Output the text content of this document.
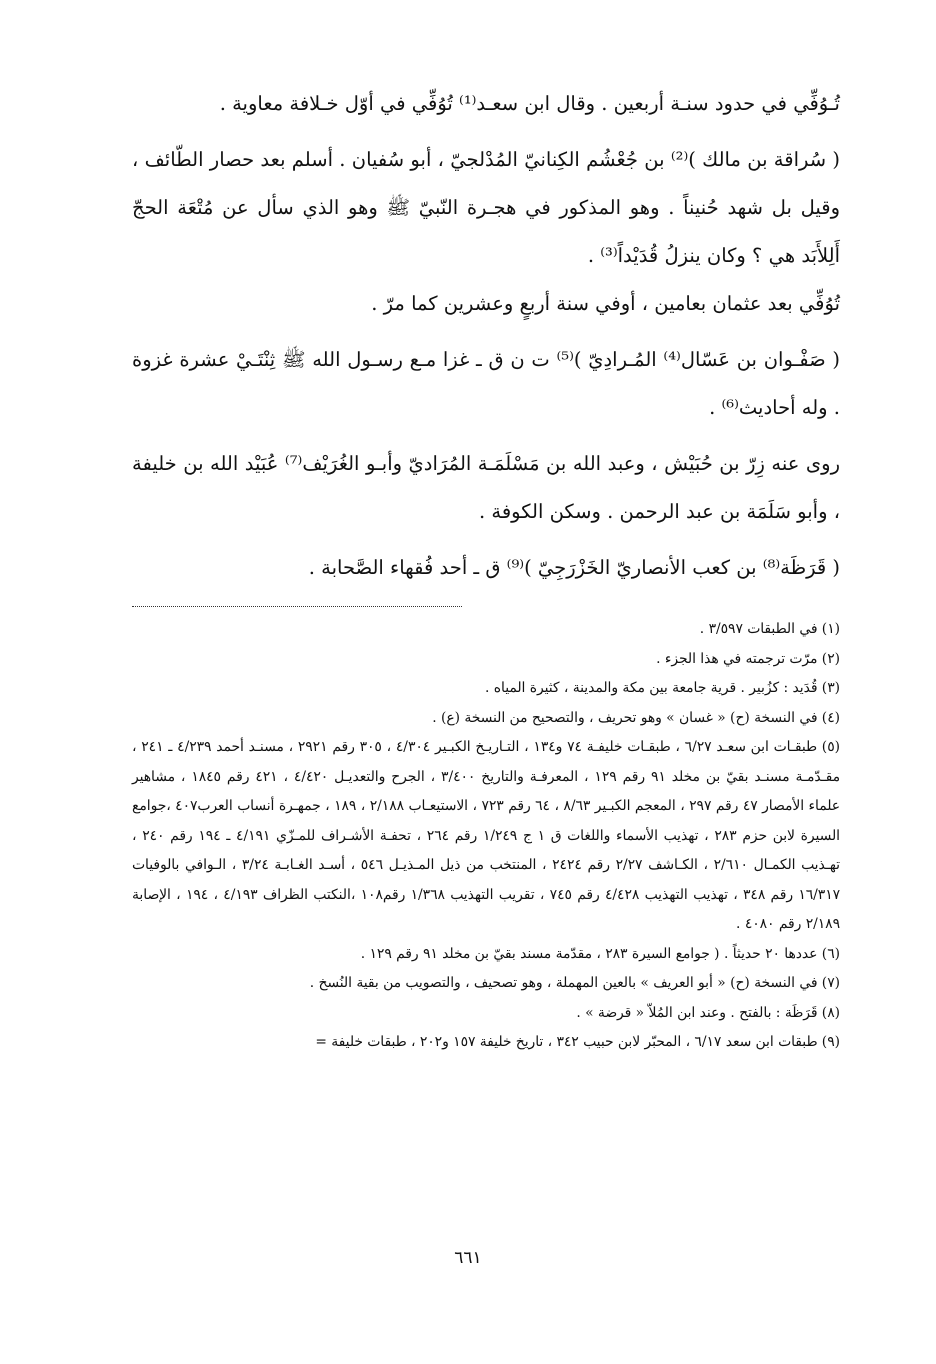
تُـوُفِّي في حدود سنـة أربعين . وقال ابن سعـد⁽¹⁾ تُوُفِّي في أوّل خـلافة معاوية .

( سُراقة بن مالك )⁽²⁾ بن جُعْشُم الكِنانيّ المُدْلجيّ ، أبو سُفيان . أسلم بعد حصار الطّائف ، وقيل بل شهد حُنيناً . وهو المذكور في هجـرة النّبيّ ﷺ وهو الذي سأل عن مُتْعَة الحجّ أَلِلأَبَد هي ؟ وكان ينزلُ قُدَيْداً⁽³⁾ .

تُوُفِّي بعد عثمان بعامين ، أوفي سنة أربعٍ وعشرين كما مرّ .

( صَفْـوان بن عَسّال⁽⁴⁾ المُـرادِيّ )⁽⁵⁾ ت ن ق ـ غزا مـع رسـول الله ﷺ ثِنْتَـيْ عشرة غزوة . وله أحاديث⁽⁶⁾ .

روى عنه زِرّ بن حُبَيْش ، وعبد الله بن مَسْلَمَـة المُرَاديّ وأبـو الغُرَيْف⁽⁷⁾ عُبَيْد الله بن خليفة ، وأبو سَلَمَة بن عبد الرحمن . وسكن الكوفة .

( قَرَظَة⁽⁸⁾ بن كعب الأنصاريّ الخَزْرَجِيّ )⁽⁹⁾ ق ـ أحد فُقهاء الصَّحابة .

(١) في الطبقات ٣/٥٩٧ .

(٢) مرّت ترجمته في هذا الجزء .

(٣) قُدَيد : كزُبير . قرية جامعة بين مكة والمدينة ، كثيرة المياه .

(٤) في النسخة (ح) « غسان » وهو تحريف ، والتصحيح من النسخة (ع) .

(٥) طبقـات ابن سعـد ٦/٢٧ ، طبقـات خليفـة ٧٤ و١٣٤ ، التـاريـخ الكبـير ٤/٣٠٤ ، ٣٠٥ رقم ٢٩٢١ ، مسنـد أحمد ٤/٢٣٩ ـ ٢٤١ ، مقـدّمـة مسنـد بقيّ بن مخلد ٩١ رقم ١٢٩ ، المعرفـة والتاريخ ٣/٤٠٠ ، الجرح والتعديـل ٤/٤٢٠ ، ٤٢١ رقم ١٨٤٥ ، مشاهير علماء الأمصار ٤٧ رقم ٢٩٧ ، المعجم الكبـير ٨/٦٣ ، ٦٤ رقم ٧٢٣ ، الاستيعـاب ٢/١٨٨ ، ١٨٩ ، جمهـرة أنساب العرب٤٠٧ ،جوامع السيرة لابن حزم ٢٨٣ ، تهذيب الأسماء واللغات ق ١ ج ١/٢٤٩ رقم ٢٦٤ ، تحفـة الأشـراف للمـزّي ٤/١٩١ ـ ١٩٤ رقم ٢٤٠ ، تهـذيب الكمـال ٢/٦١٠ ، الكـاشف ٢/٢٧ رقم ٢٤٢٤ ، المنتخب من ذيل المـذيـل ٥٤٦ ، أسـد الغـابـة ٣/٢٤ ، الـوافي بالوفيات ١٦/٣١٧ رقم ٣٤٨ ، تهذيب التهذيب ٤/٤٢٨ رقم ٧٤٥ ، تقريب التهذيب ١/٣٦٨ رقم١٠٨ ،النكتب الظراف ٤/١٩٣ ، ١٩٤ ، الإصابة ٢/١٨٩ رقم ٤٠٨٠ .

(٦) عددها ٢٠ حديثاً . ( جوامع السيرة ٢٨٣ ، مقدّمة مسند بقيّ بن مخلد ٩١ رقم ١٢٩ .

(٧) في النسخة (ح) « أبو العريف » بالعين المهملة ، وهو تصحيف ، والتصويب من بقية النُسخ .

(٨) قَرَظَة : بالفتح . وعند ابن المُلاّ « قرضة » .

(٩) طبقات ابن سعد ٦/١٧ ، المحبّر لابن حبيب ٣٤٢ ، تاريخ خليفة ١٥٧ و٢٠٢ ، طبقات خليفة =

٦٦١
